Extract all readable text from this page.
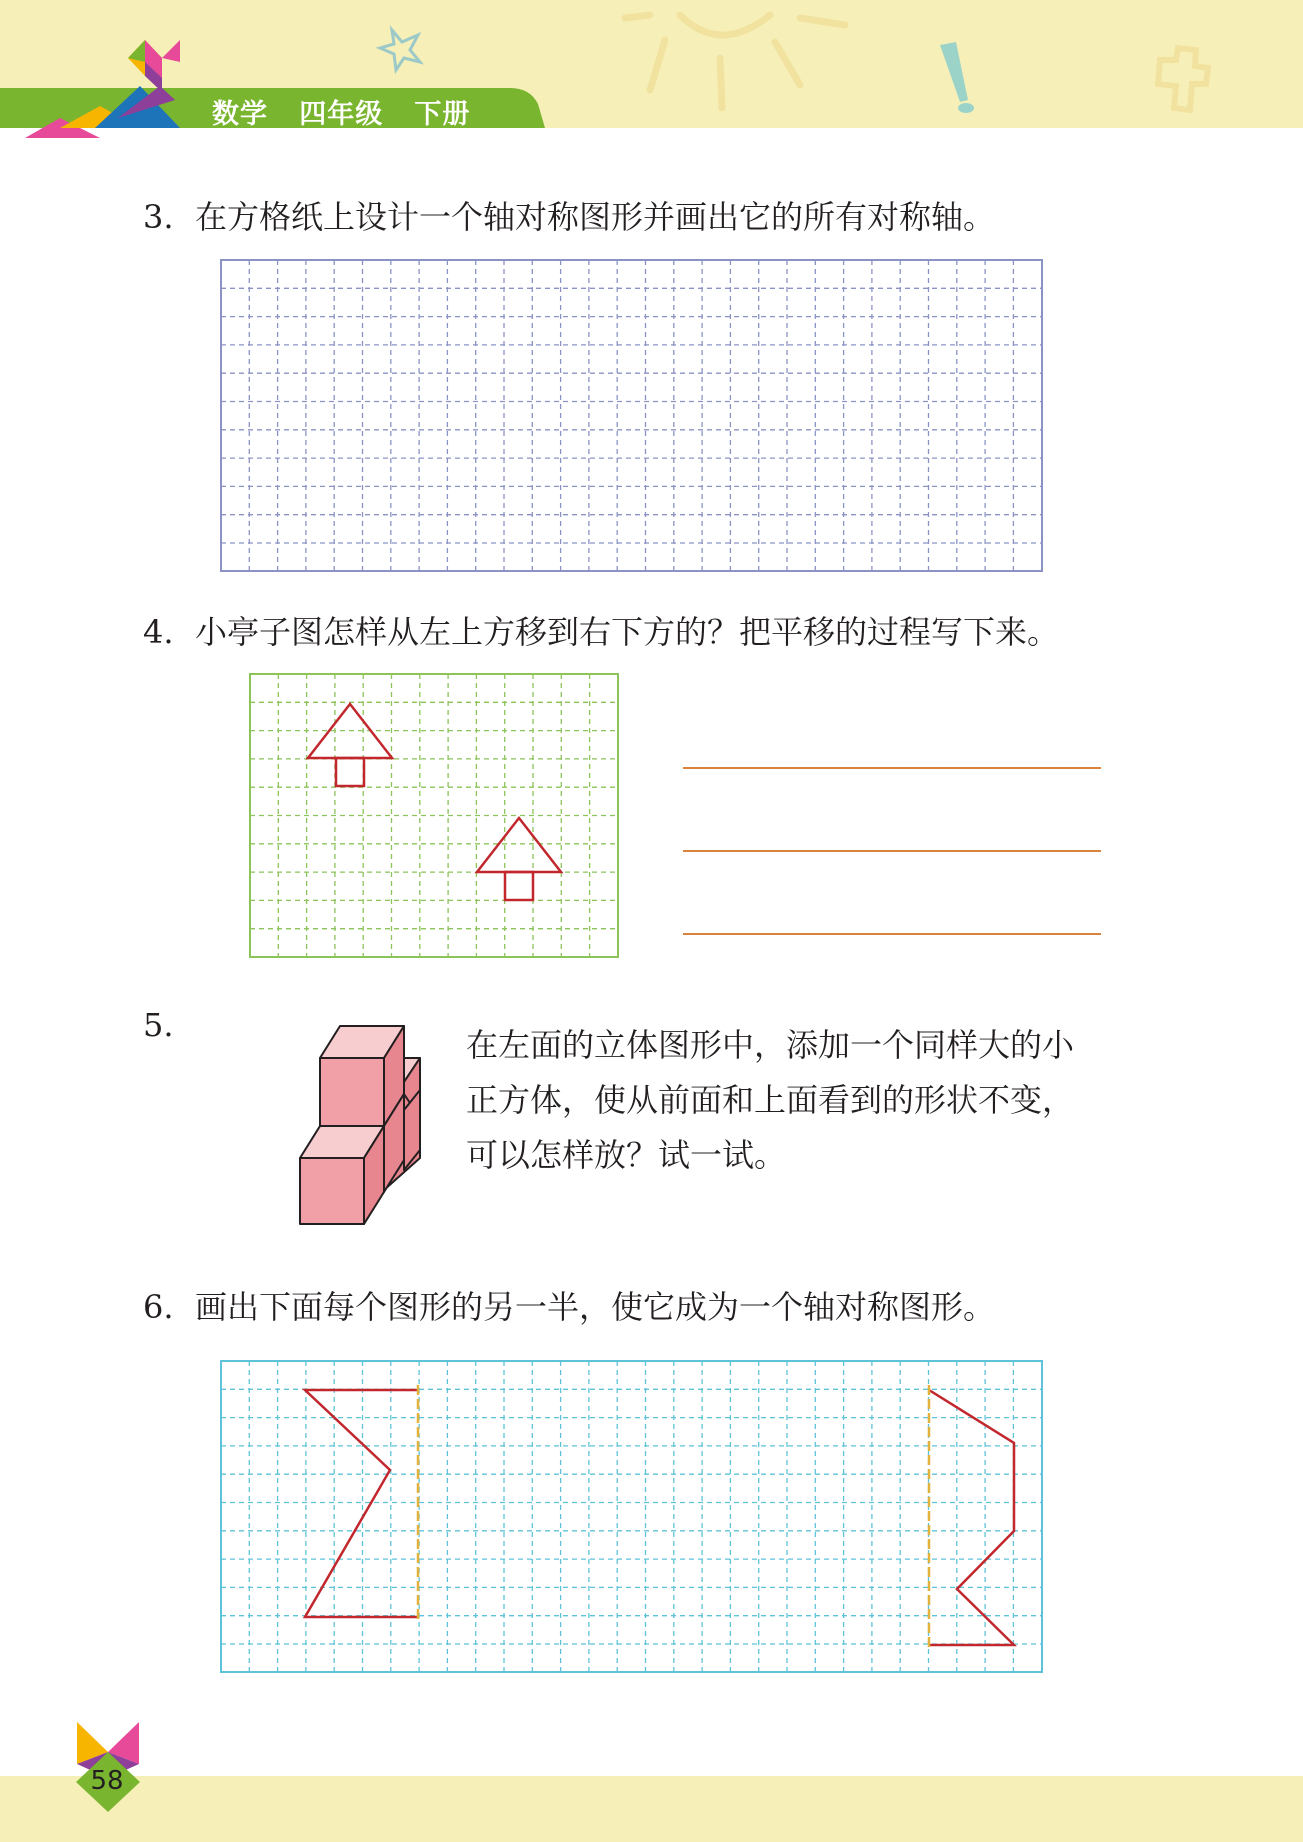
数学   四年级   下册
3. 在方格纸上设计一个轴对称图形并画出它的所有对称轴。
4. 小亭子图怎样从左上方移到右下方的？把平移的过程写下来。
5.
在左面的立体图形中，添加一个同样大的小
正方体，使从前面和上面看到的形状不变，
可以怎样放？试一试。
6. 画出下面每个图形的另一半，使它成为一个轴对称图形。
58
